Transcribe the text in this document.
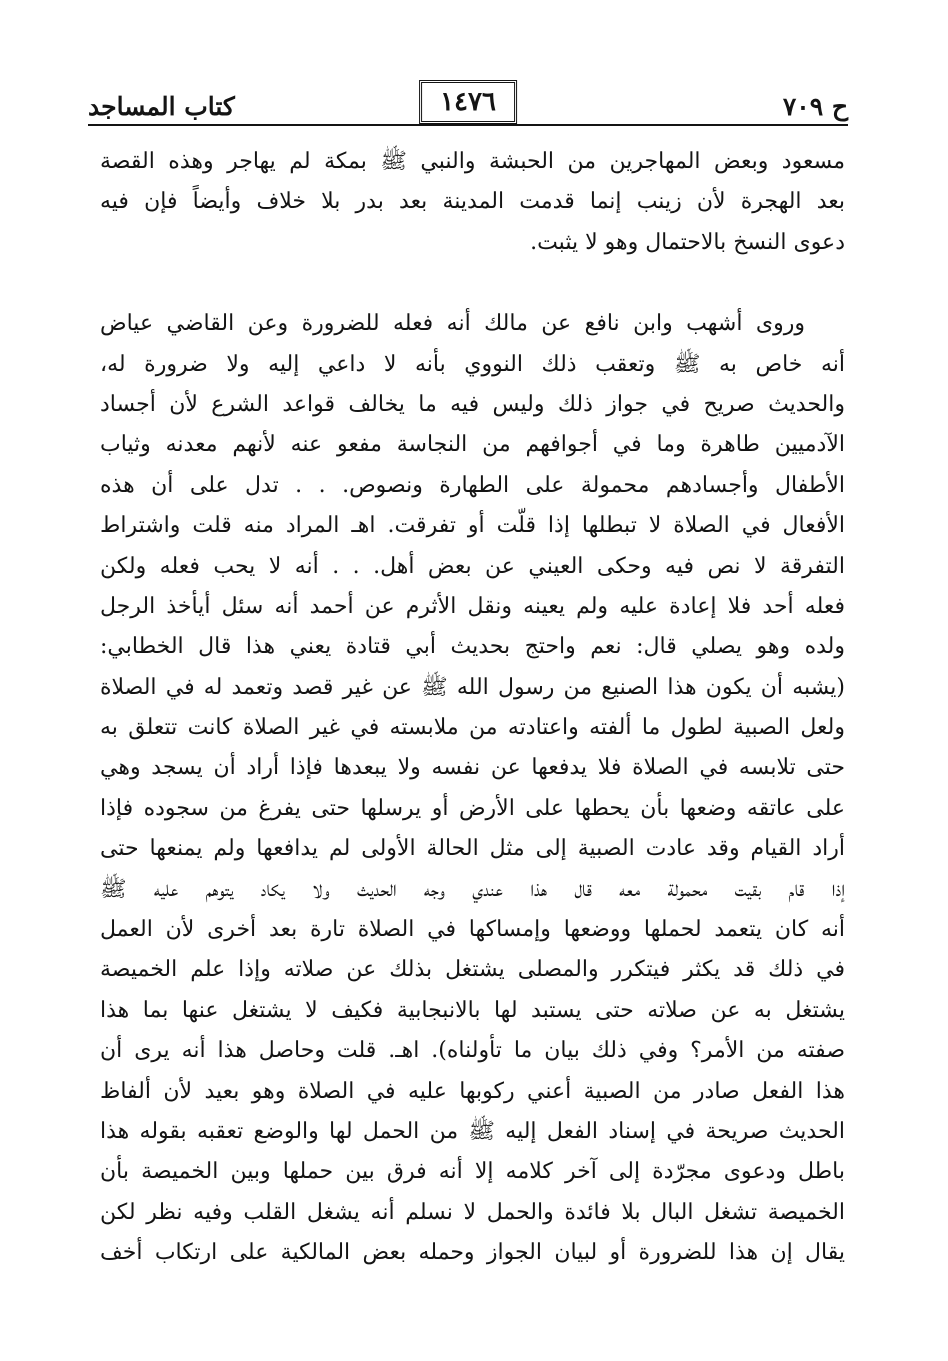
ح ٧٠٩
١٤٧٦
كتاب المساجد
مسعود وبعض المهاجرين من الحبشة والنبي ﷺ بمكة لم يهاجر وهذه القصة
بعد الهجرة لأن زينب إنما قدمت المدينة بعد بدر بلا خلاف وأيضاً فإن فيه
دعوى النسخ بالاحتمال وهو لا يثبت.
وروى أشهب وابن نافع عن مالك أنه فعله للضرورة وعن القاضي عياض
أنه خاص به ﷺ وتعقب ذلك النووي بأنه لا داعي إليه ولا ضرورة له،
والحديث صريح في جواز ذلك وليس فيه ما يخالف قواعد الشرع لأن أجساد
الآدميين طاهرة وما في أجوافهم من النجاسة مفعو عنه لأنهم معدنه وثياب
الأطفال وأجسادهم محمولة على الطهارة ونصوص. . . تدل على أن هذه
الأفعال في الصلاة لا تبطلها إذا قلّت أو تفرقت. اهـ المراد منه قلت واشتراط
التفرقة لا نص فيه وحكى العيني عن بعض أهل. . . أنه لا يحب فعله ولكن
فعله أحد فلا إعادة عليه ولم يعينه ونقل الأثرم عن أحمد أنه سئل أيأخذ الرجل
ولده وهو يصلي قال: نعم واحتج بحديث أبي قتادة يعني هذا قال الخطابي:
(يشبه أن يكون هذا الصنيع من رسول الله ﷺ عن غير قصد وتعمد له في الصلاة
ولعل الصبية لطول ما ألفته واعتادته من ملابسته في غير الصلاة كانت تتعلق به
حتى تلابسه في الصلاة فلا يدفعها عن نفسه ولا يبعدها فإذا أراد أن يسجد وهي
على عاتقه وضعها بأن يحطها على الأرض أو يرسلها حتى يفرغ من سجوده فإذا
أراد القيام وقد عادت الصبية إلى مثل الحالة الأولى لم يدافعها ولم يمنعها حتى
إذا قام بقيت محمولة معه قال هذا عندي وجه الحديث ولا يكاد يتوهم عليه ﷺ
أنه كان يتعمد لحملها ووضعها وإمساكها في الصلاة تارة بعد أخرى لأن العمل
في ذلك قد يكثر فيتكرر والمصلى يشتغل بذلك عن صلاته وإذا علم الخميصة
يشتغل به عن صلاته حتى يستبد لها بالانبجابية فكيف لا يشتغل عنها بما هذا
صفته من الأمر؟ وفي ذلك بيان ما تأولناه). اهـ. قلت وحاصل هذا أنه يرى أن
هذا الفعل صادر من الصبية أعني ركوبها عليه في الصلاة وهو بعيد لأن ألفاظ
الحديث صريحة في إسناد الفعل إليه ﷺ من الحمل لها والوضع تعقبه بقوله هذا
باطل ودعوى مجرّدة إلى آخر كلامه إلا أنه فرق بين حملها وبين الخميصة بأن
الخميصة تشغل البال بلا فائدة والحمل لا نسلم أنه يشغل القلب وفيه نظر لكن
يقال إن هذا للضرورة أو لبيان الجواز وحمله بعض المالكية على ارتكاب أخف
